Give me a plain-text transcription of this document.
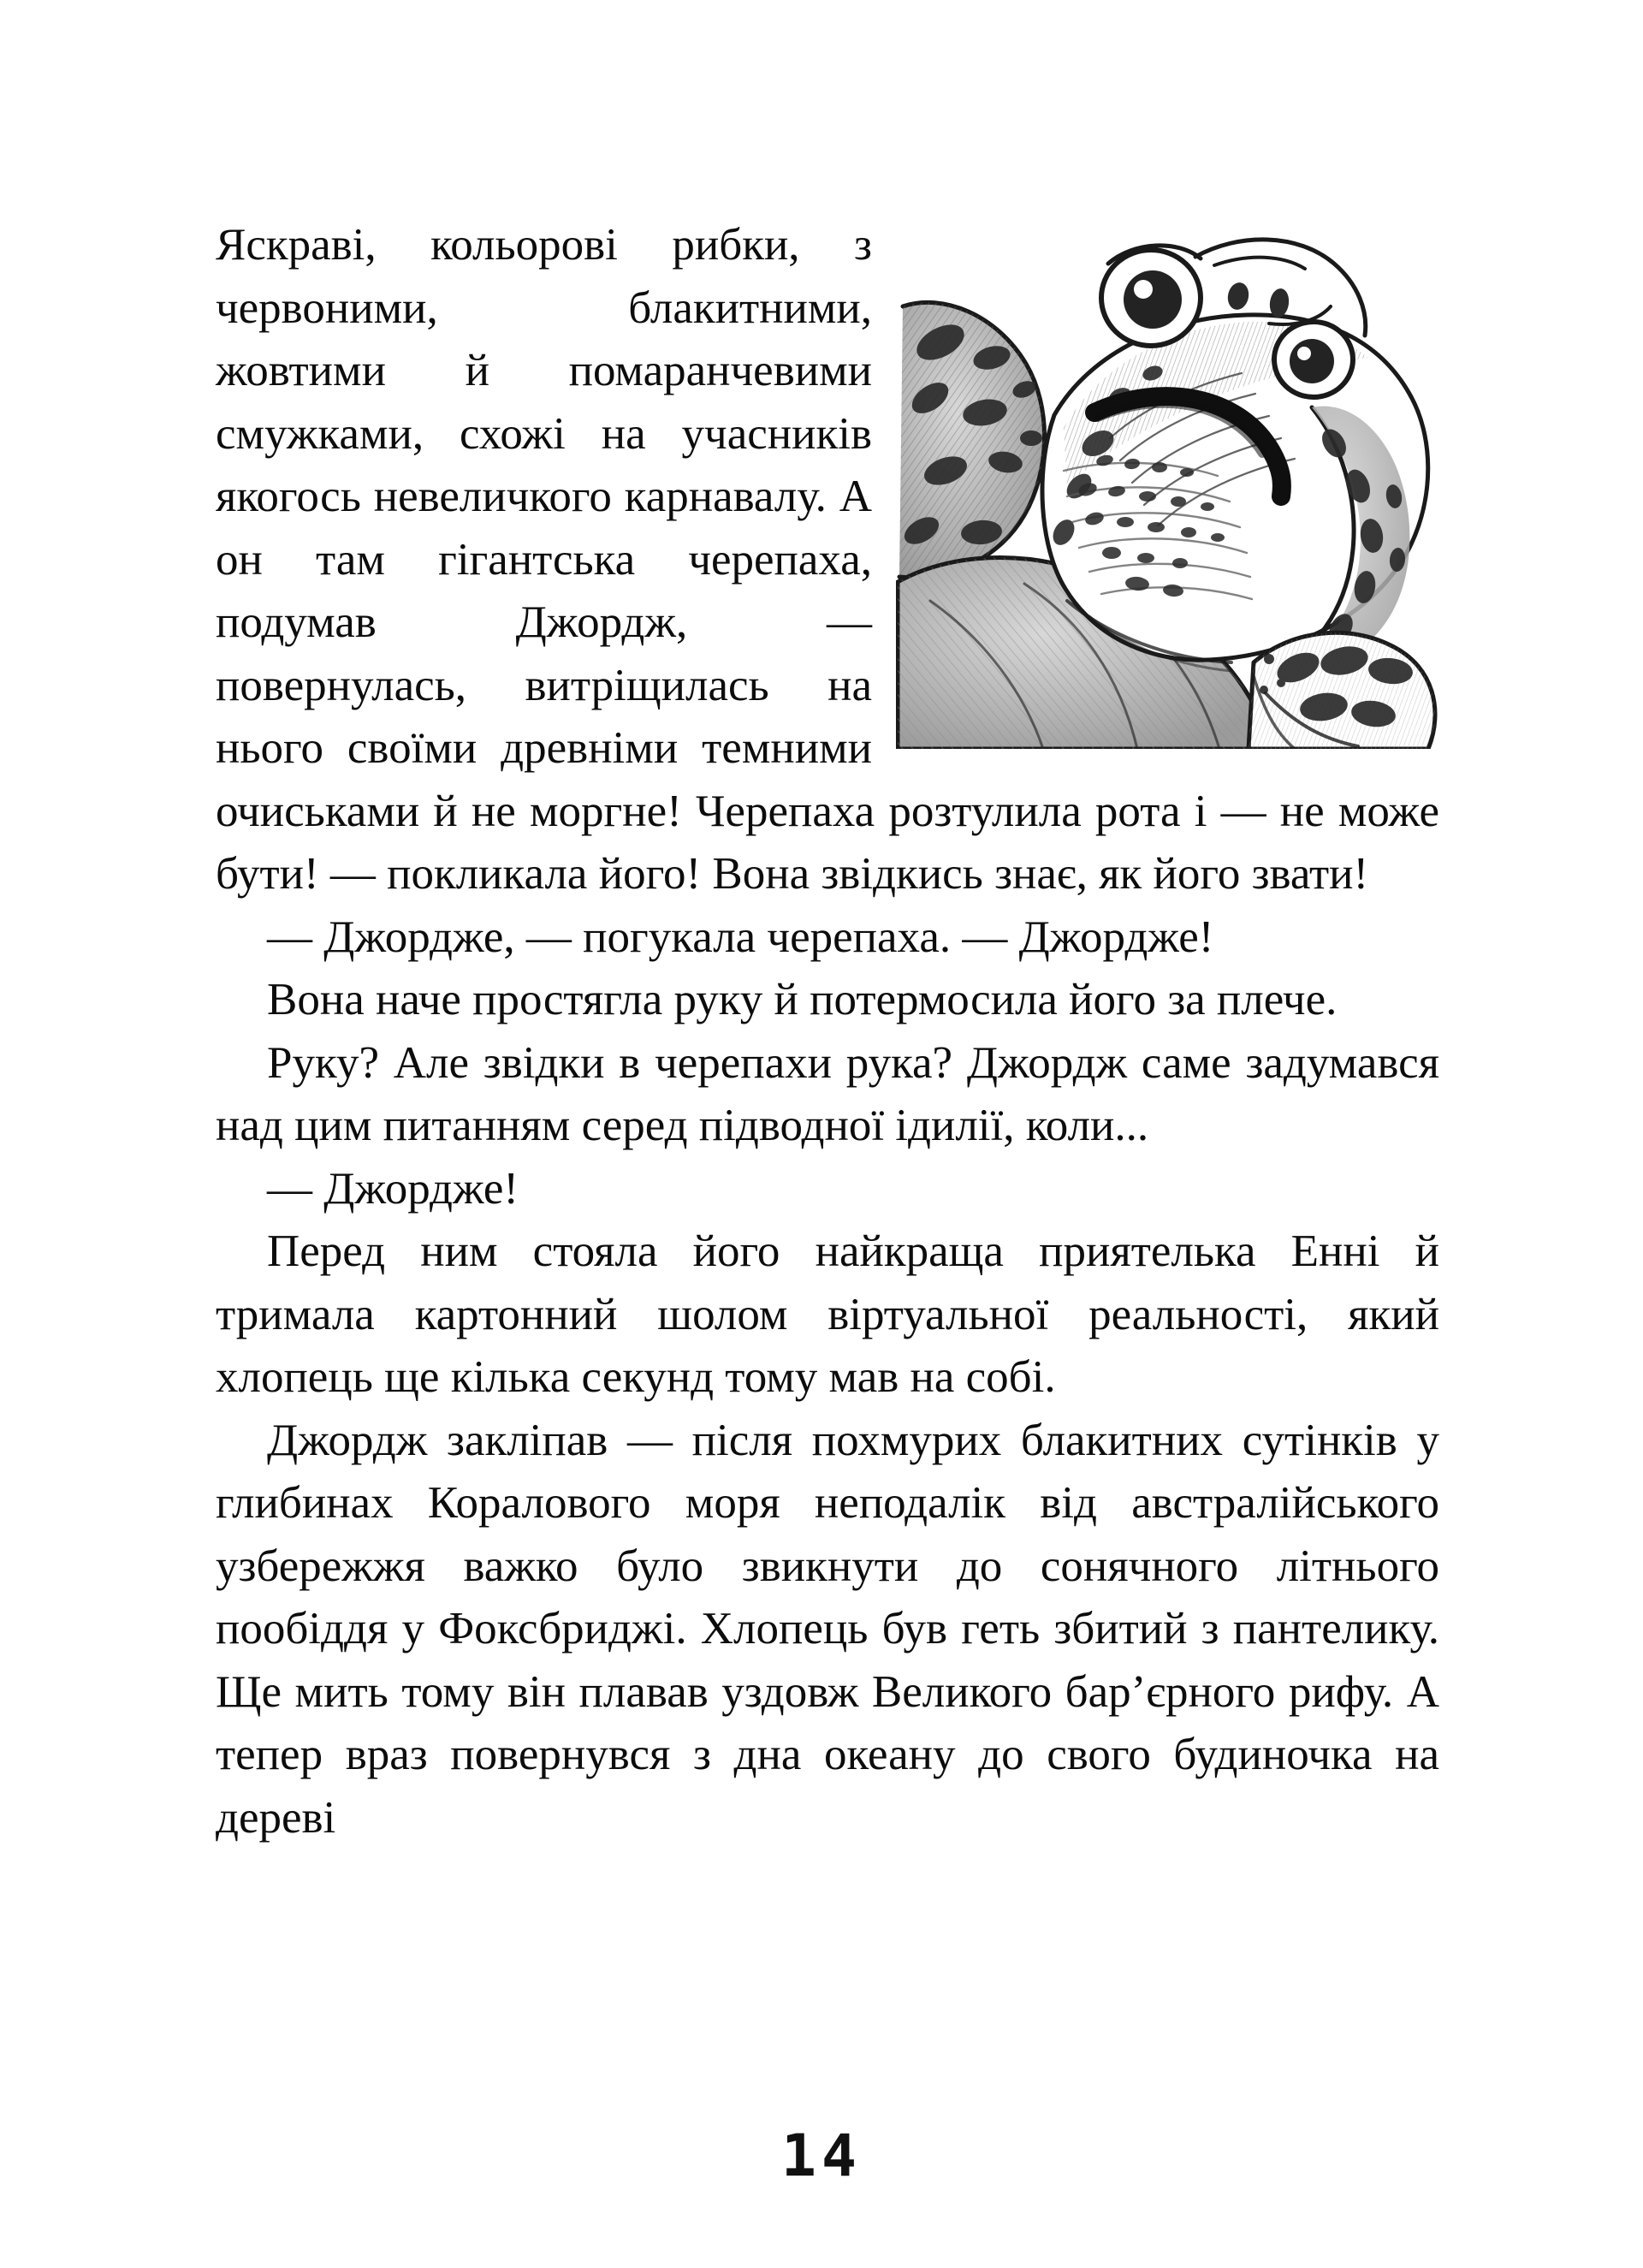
Яскраві, кольорові рибки, з червоними, блакитними, жовтими й помаранчевими смужками, схожі на учасників якогось невеличкого карнавалу. А он там гігантська черепаха, подумав Джордж, — повернулась, витріщилась на нього своїми древніми темними очиськами й не моргне! Черепаха розтулила рота і — не може бути! — покликала його! Вона звідкись знає, як його звати!

— Джордже, — погукала черепаха. — Джордже!

Вона наче простягла руку й потермосила його за плече.

Руку? Але звідки в черепахи рука? Джордж саме задумався над цим питанням серед підводної ідилії, коли...

— Джордже!

Перед ним стояла його найкраща приятелька Енні й тримала картонний шолом віртуальної реальності, який хлопець ще кілька секунд тому мав на собі.

Джордж закліпав — після похмурих блакитних сутінків у глибинах Коралового моря неподалік від австралійського узбережжя важко було звикнути до сонячного літнього пообіддя у Фоксбриджі. Хлопець був геть збитий з пантелику. Ще мить тому він плавав уздовж Великого бар’єрного рифу. А тепер враз повернувся з дна океану до свого будиночка на дереві

14
